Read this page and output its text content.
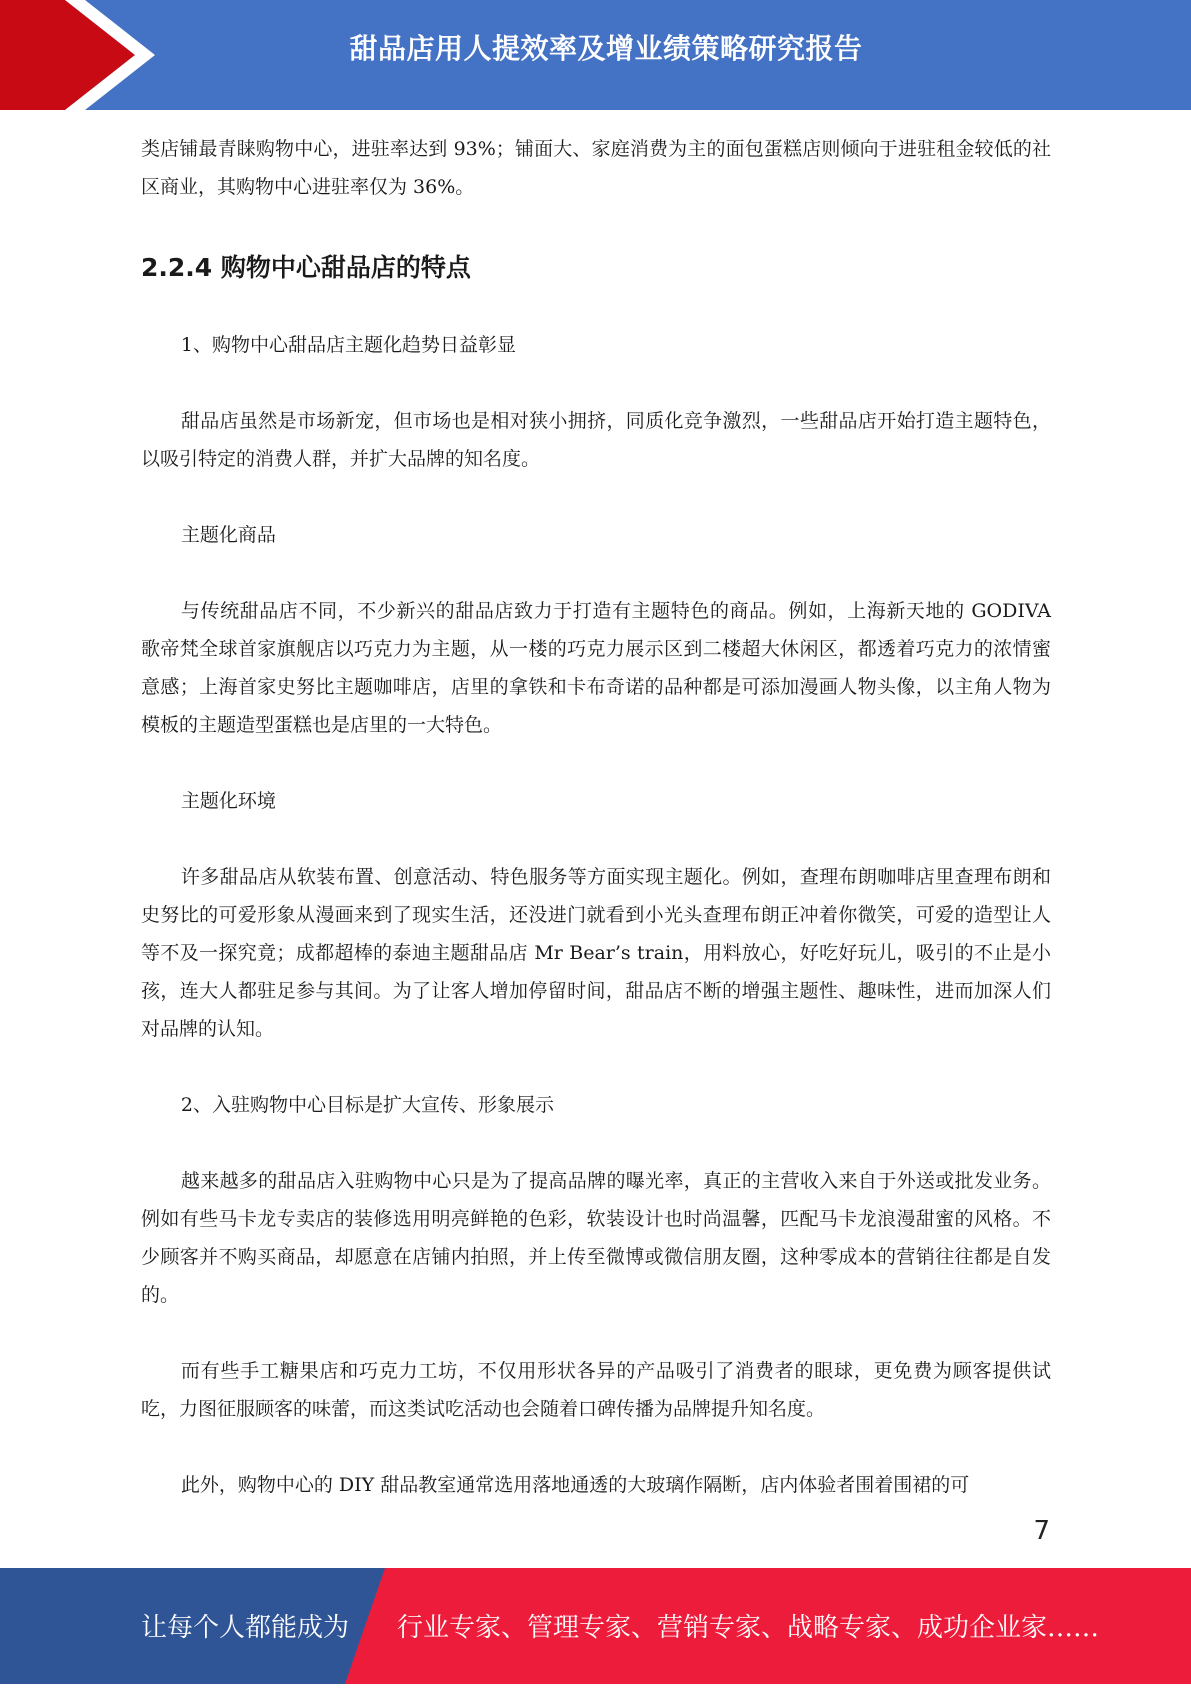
甜品店用人提效率及增业绩策略研究报告

类店铺最青睐购物中心，进驻率达到 93%；铺面大、家庭消费为主的面包蛋糕店则倾向于进驻租金较低的社区商业，其购物中心进驻率仅为 36%。

2.2.4 购物中心甜品店的特点

1、购物中心甜品店主题化趋势日益彰显

甜品店虽然是市场新宠，但市场也是相对狭小拥挤，同质化竞争激烈，一些甜品店开始打造主题特色，以吸引特定的消费人群，并扩大品牌的知名度。

主题化商品

与传统甜品店不同，不少新兴的甜品店致力于打造有主题特色的商品。例如，上海新天地的 GODIVA 歌帝梵全球首家旗舰店以巧克力为主题，从一楼的巧克力展示区到二楼超大休闲区，都透着巧克力的浓情蜜意感；上海首家史努比主题咖啡店，店里的拿铁和卡布奇诺的品种都是可添加漫画人物头像，以主角人物为模板的主题造型蛋糕也是店里的一大特色。

主题化环境

许多甜品店从软装布置、创意活动、特色服务等方面实现主题化。例如，查理布朗咖啡店里查理布朗和史努比的可爱形象从漫画来到了现实生活，还没进门就看到小光头查理布朗正冲着你微笑，可爱的造型让人等不及一探究竟；成都超棒的泰迪主题甜品店 Mr Bear’s train，用料放心，好吃好玩儿，吸引的不止是小孩，连大人都驻足参与其间。为了让客人增加停留时间，甜品店不断的增强主题性、趣味性，进而加深人们对品牌的认知。

2、入驻购物中心目标是扩大宣传、形象展示

越来越多的甜品店入驻购物中心只是为了提高品牌的曝光率，真正的主营收入来自于外送或批发业务。例如有些马卡龙专卖店的装修选用明亮鲜艳的色彩，软装设计也时尚温馨，匹配马卡龙浪漫甜蜜的风格。不少顾客并不购买商品，却愿意在店铺内拍照，并上传至微博或微信朋友圈，这种零成本的营销往往都是自发的。

而有些手工糖果店和巧克力工坊，不仅用形状各异的产品吸引了消费者的眼球，更免费为顾客提供试吃，力图征服顾客的味蕾，而这类试吃活动也会随着口碑传播为品牌提升知名度。

此外，购物中心的 DIY 甜品教室通常选用落地通透的大玻璃作隔断，店内体验者围着围裙的可

7
让每个人都能成为 行业专家、管理专家、营销专家、战略专家、成功企业家……
